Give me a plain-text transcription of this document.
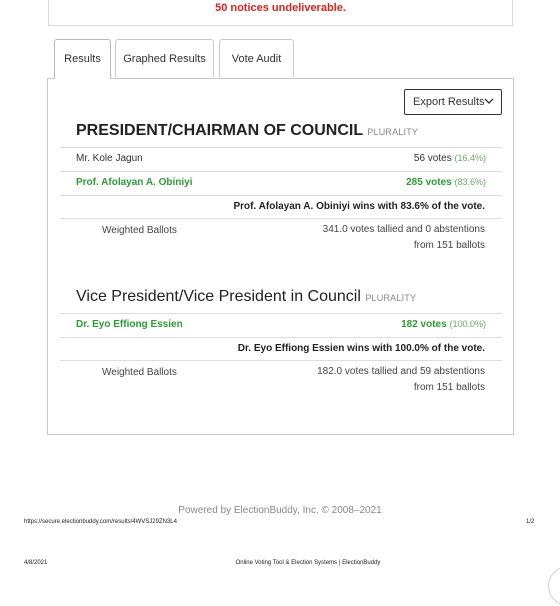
50 notices undeliverable.
Results	Graphed Results	Vote Audit
Export Results
PRESIDENT/CHAIRMAN OF COUNCIL PLURALITY
Mr. Kole Jagun	56 votes (16.4%)
Prof. Afolayan A. Obiniyi	285 votes (83.6%)
Prof. Afolayan A. Obiniyi wins with 83.6% of the vote.
Weighted Ballots	341.0 votes tallied and 0 abstentions
from 151 ballots
Vice President/Vice President in Council PLURALITY
Dr. Eyo Effiong Essien	182 votes (100.0%)
Dr. Eyo Effiong Essien wins with 100.0% of the vote.
Weighted Ballots	182.0 votes tallied and 59 abstentions
from 151 ballots
Powered by ElectionBuddy, Inc. © 2008–2021
https://secure.electionbuddy.com/results/4WVSJ29ZN3L4	1/2
4/8/2021	Online Voting Tool & Election Systems | ElectionBuddy
